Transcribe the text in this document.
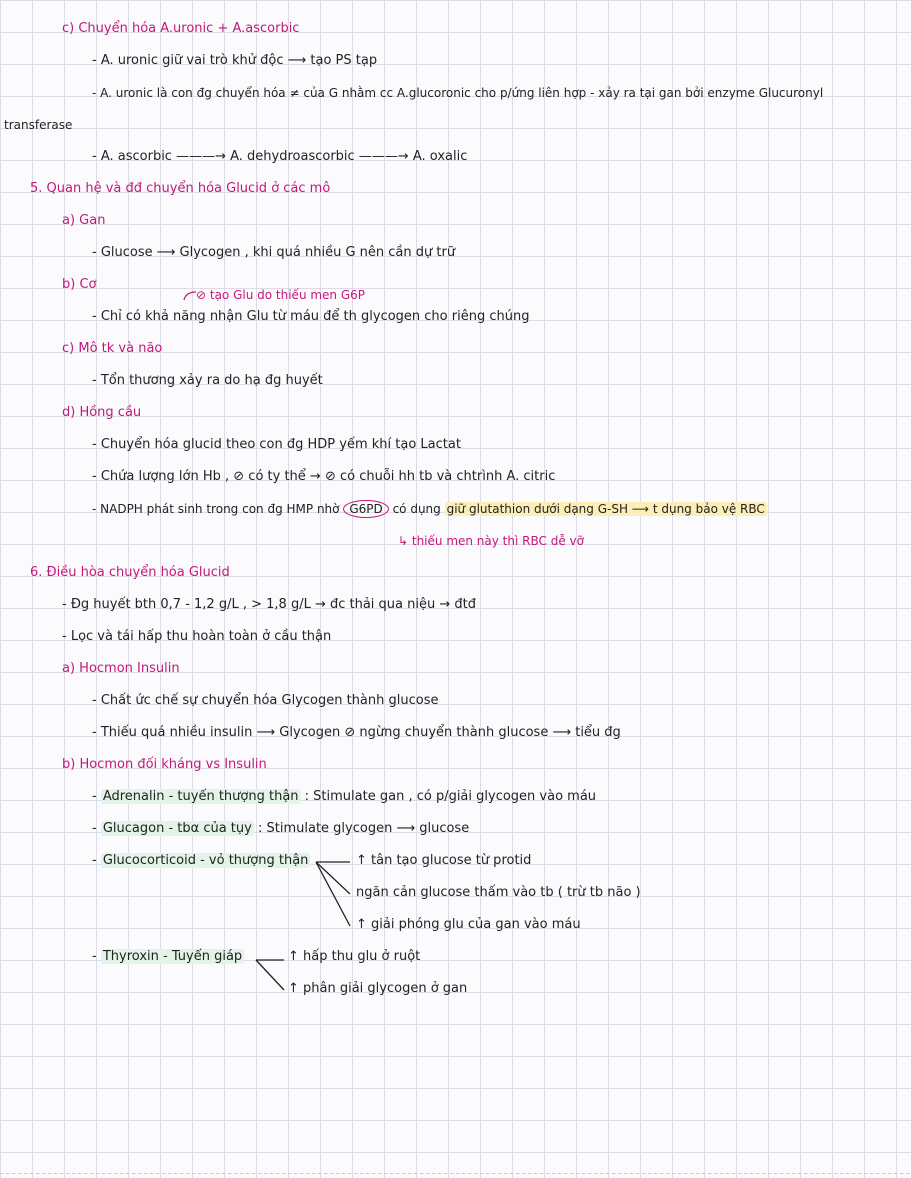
c) Chuyển hóa A.uronic + A.ascorbic
- A. uronic giữ vai trò khử độc ⟶ tạo PS tạp
- A. uronic là con đg chuyển hóa ≠ của G nhằm cc A.glucoronic cho p/ứng liên hợp - xảy ra tại gan bởi enzyme Glucuronyl
transferase
- A. ascorbic ———→ A. dehydroascorbic ———→ A. oxalic
5. Quan hệ và đđ chuyển hóa Glucid ở các mô
a) Gan
- Glucose ⟶ Glycogen , khi quá nhiều G nên cần dự trữ
b) Cơ
⊘ tạo Glu do thiếu men G6P
- Chỉ có khả năng nhận Glu từ máu để th glycogen cho riêng chúng
c) Mô tk và não
- Tổn thương xảy ra do hạ đg huyết
d) Hồng cầu
- Chuyển hóa glucid theo con đg HDP yếm khí tạo Lactat
- Chứa lượng lớn Hb , ⊘ có ty thể → ⊘ có chuỗi hh tb và chtrình A. citric
- NADPH phát sinh trong con đg HMP nhờ G6PD có dụng giữ glutathion dưới dạng G-SH ⟶ t dụng bảo vệ RBC
↳ thiếu men này thì RBC dễ vỡ
6. Điều hòa chuyển hóa Glucid
- Đg huyết bth 0,7 - 1,2 g/L , > 1,8 g/L → đc thải qua niệu → đtđ
- Lọc và tái hấp thu hoàn toàn ở cầu thận
a) Hocmon Insulin
- Chất ức chế sự chuyển hóa Glycogen thành glucose
- Thiếu quá nhiều insulin ⟶ Glycogen ⊘ ngừng chuyển thành glucose ⟶ tiểu đg
b) Hocmon đối kháng vs Insulin
- Adrenalin - tuyến thượng thận : Stimulate gan , có p/giải glycogen vào máu
- Glucagon - tbα của tụy : Stimulate glycogen ⟶ glucose
- Glucocorticoid - vỏ thượng thận	↑ tân tạo glucose từ protid
ngăn cản glucose thấm vào tb ( trừ tb não )
↑ giải phóng glu của gan vào máu
- Thyroxin - Tuyến giáp	↑ hấp thu glu ở ruột
↑ phân giải glycogen ở gan
